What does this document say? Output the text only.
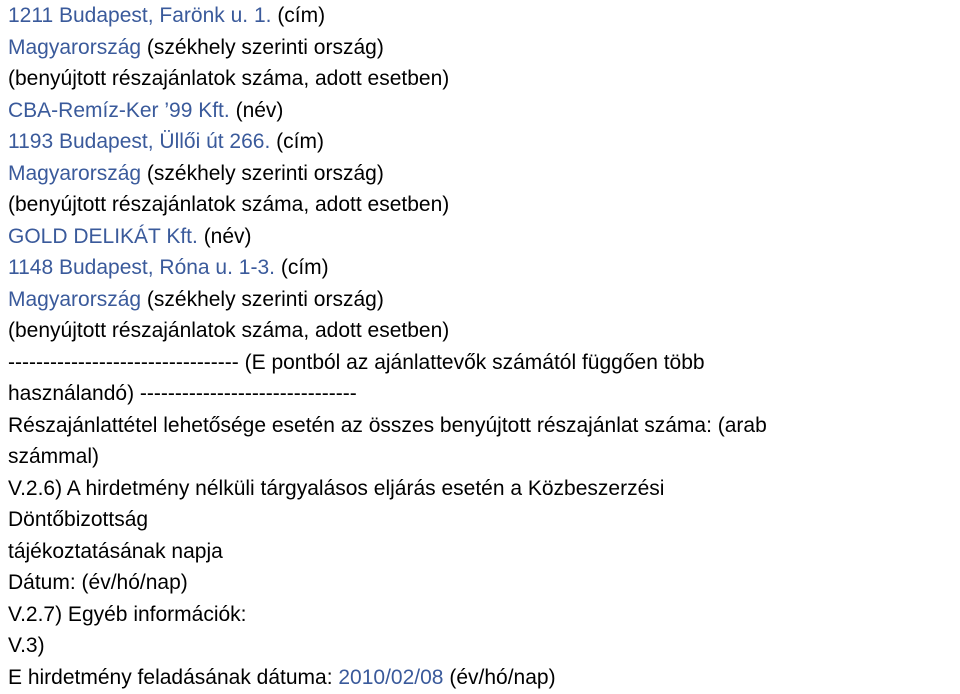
1211 Budapest, Farönk u. 1. (cím)
Magyarország (székhely szerinti ország)
(benyújtott részajánlatok száma, adott esetben)
CBA-Remíz-Ker ’99 Kft. (név)
1193 Budapest, Üllői út 266. (cím)
Magyarország (székhely szerinti ország)
(benyújtott részajánlatok száma, adott esetben)
GOLD DELIKÁT Kft. (név)
1148 Budapest, Róna u. 1-3. (cím)
Magyarország (székhely szerinti ország)
(benyújtott részajánlatok száma, adott esetben)
--------------------------------- (E pontból az ajánlattevők számától függően több
használandó) -------------------------------
Részajánlattétel lehetősége esetén az összes benyújtott részajánlat száma: (arab
számmal)
V.2.6) A hirdetmény nélküli tárgyalásos eljárás esetén a Közbeszerzési
Döntőbizottság
tájékoztatásának napja
Dátum: (év/hó/nap)
V.2.7) Egyéb információk:
V.3)
E hirdetmény feladásának dátuma: 2010/02/08 (év/hó/nap)
